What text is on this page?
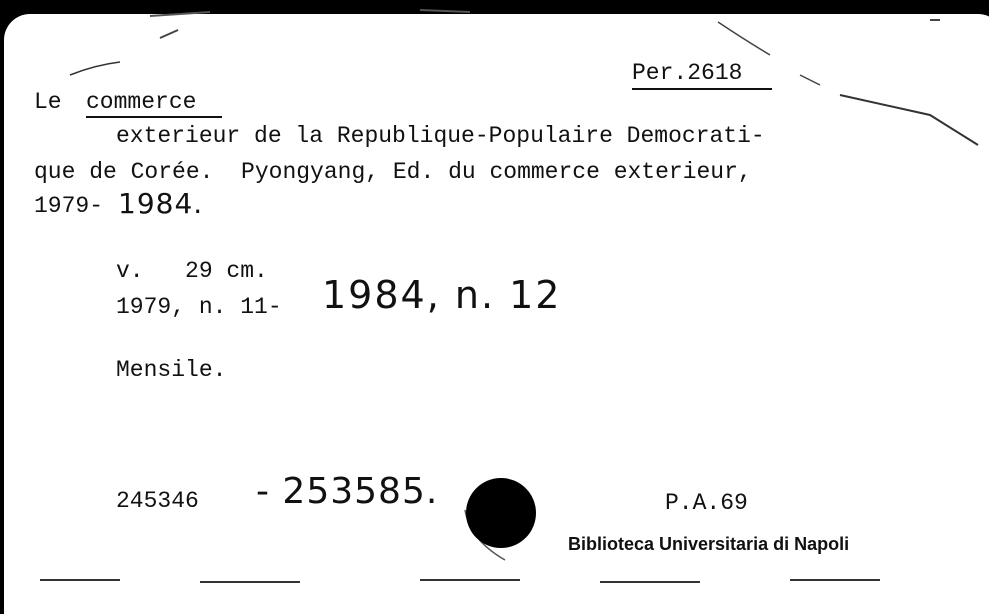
Per.2618
Le commerce
exterieur de la Republique-Populaire Democrati-
que de Corée.  Pyongyang, Ed. du commerce exterieur,
1979- 1984.
v.   29 cm.
1979, n. 11- 1984, n. 12
Mensile.
245346 - 253585.	P.A.69
Biblioteca Universitaria di Napoli
